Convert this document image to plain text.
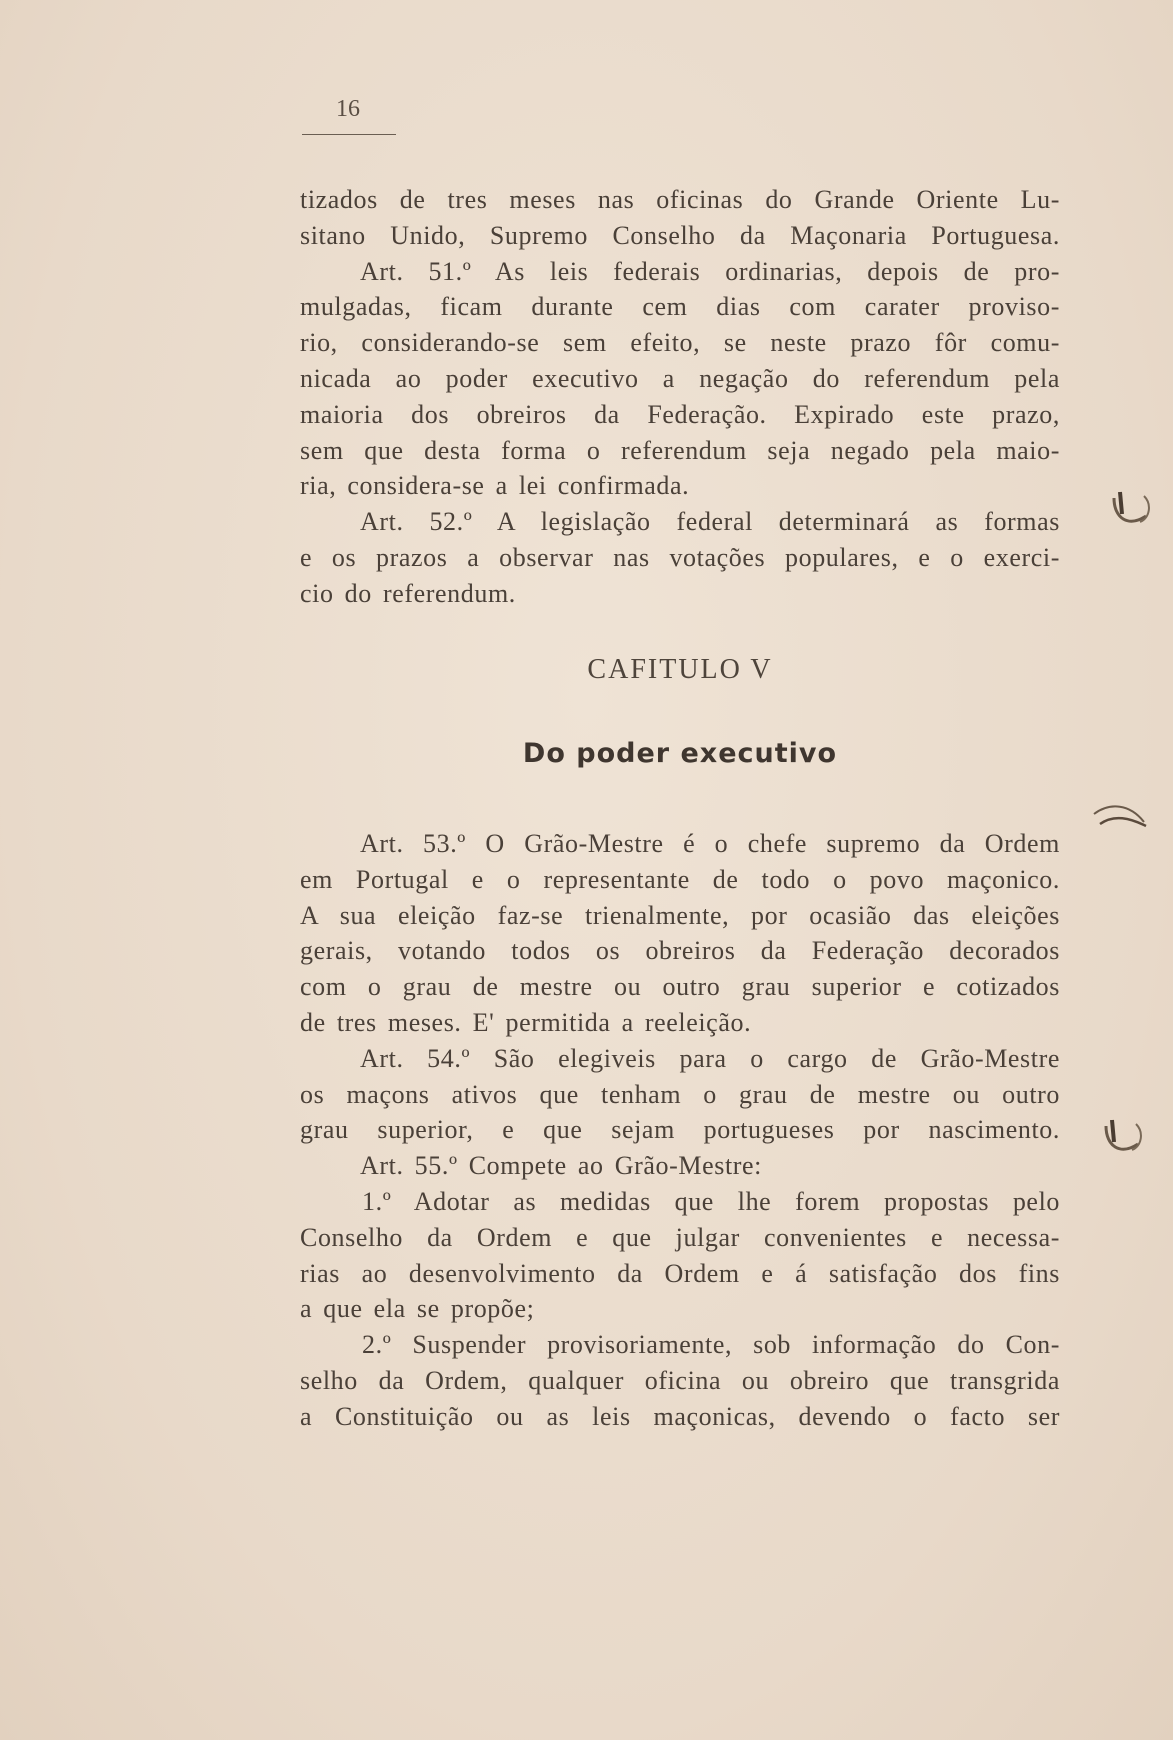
16
tizados de tres meses nas oficinas do Grande Oriente Lu-
sitano Unido, Supremo Conselho da Maçonaria Portuguesa.
Art. 51.º As leis federais ordinarias, depois de pro-
mulgadas, ficam durante cem dias com carater proviso-
rio, considerando-se sem efeito, se neste prazo fôr comu-
nicada ao poder executivo a negação do referendum pela
maioria dos obreiros da Federação. Expirado este prazo,
sem que desta forma o referendum seja negado pela maio-
ria, considera-se a lei confirmada.
Art. 52.º A legislação federal determinará as formas
e os prazos a observar nas votações populares, e o exerci-
cio do referendum.
CAFITULO V
Do poder executivo
Art. 53.º O Grão-Mestre é o chefe supremo da Ordem
em Portugal e o representante de todo o povo maçonico.
A sua eleição faz-se trienalmente, por ocasião das eleições
gerais, votando todos os obreiros da Federação decorados
com o grau de mestre ou outro grau superior e cotizados
de tres meses. E' permitida a reeleição.
Art. 54.º São elegiveis para o cargo de Grão-Mestre
os maçons ativos que tenham o grau de mestre ou outro
grau superior, e que sejam portugueses por nascimento.
Art. 55.º Compete ao Grão-Mestre:
1.º Adotar as medidas que lhe forem propostas pelo
Conselho da Ordem e que julgar convenientes e necessa-
rias ao desenvolvimento da Ordem e á satisfação dos fins
a que ela se propõe;
2.º Suspender provisoriamente, sob informação do Con-
selho da Ordem, qualquer oficina ou obreiro que transgrida
a Constituição ou as leis maçonicas, devendo o facto ser
